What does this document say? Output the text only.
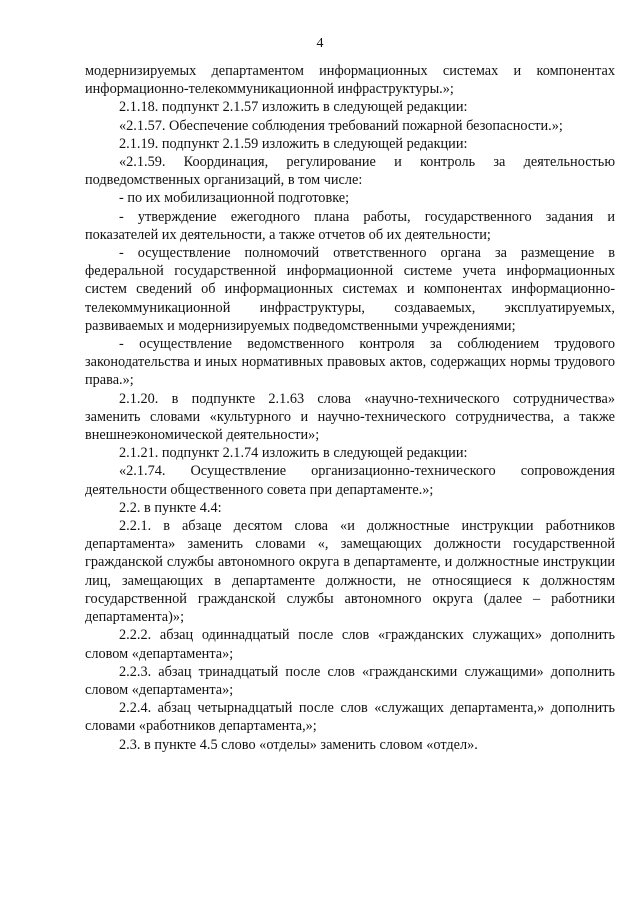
4

модернизируемых департаментом информационных системах и компонентах информационно-телекоммуникационной инфраструктуры.»;

2.1.18. подпункт 2.1.57 изложить в следующей редакции:

«2.1.57. Обеспечение соблюдения требований пожарной безопасности.»;

2.1.19. подпункт 2.1.59 изложить в следующей редакции:

«2.1.59. Координация, регулирование и контроль за деятельностью подведомственных организаций, в том числе:

- по их мобилизационной подготовке;

- утверждение ежегодного плана работы, государственного задания и показателей их деятельности, а также отчетов об их деятельности;

- осуществление полномочий ответственного органа за размещение в федеральной государственной информационной системе учета информационных систем сведений об информационных системах и компонентах информационно-телекоммуникационной инфраструктуры, создаваемых, эксплуатируемых, развиваемых и модернизируемых подведомственными учреждениями;

- осуществление ведомственного контроля за соблюдением трудового законодательства и иных нормативных правовых актов, содержащих нормы трудового права.»;

2.1.20. в подпункте 2.1.63 слова «научно-технического сотрудничества» заменить словами «культурного и научно-технического сотрудничества, а также внешнеэкономической деятельности»;

2.1.21. подпункт 2.1.74 изложить в следующей редакции:

«2.1.74. Осуществление организационно-технического сопровождения деятельности общественного совета при департаменте.»;

2.2. в пункте 4.4:

2.2.1. в абзаце десятом слова «и должностные инструкции работников департамента» заменить словами «, замещающих должности государственной гражданской службы автономного округа в департаменте, и должностные инструкции лиц, замещающих в департаменте должности, не относящиеся к должностям государственной гражданской службы автономного округа (далее – работники департамента)»;

2.2.2. абзац одиннадцатый после слов «гражданских служащих» дополнить словом «департамента»;

2.2.3. абзац тринадцатый после слов «гражданскими служащими» дополнить словом «департамента»;

2.2.4. абзац четырнадцатый после слов «служащих департамента,» дополнить словами «работников департамента,»;

2.3. в пункте 4.5 слово «отделы» заменить словом «отдел».
